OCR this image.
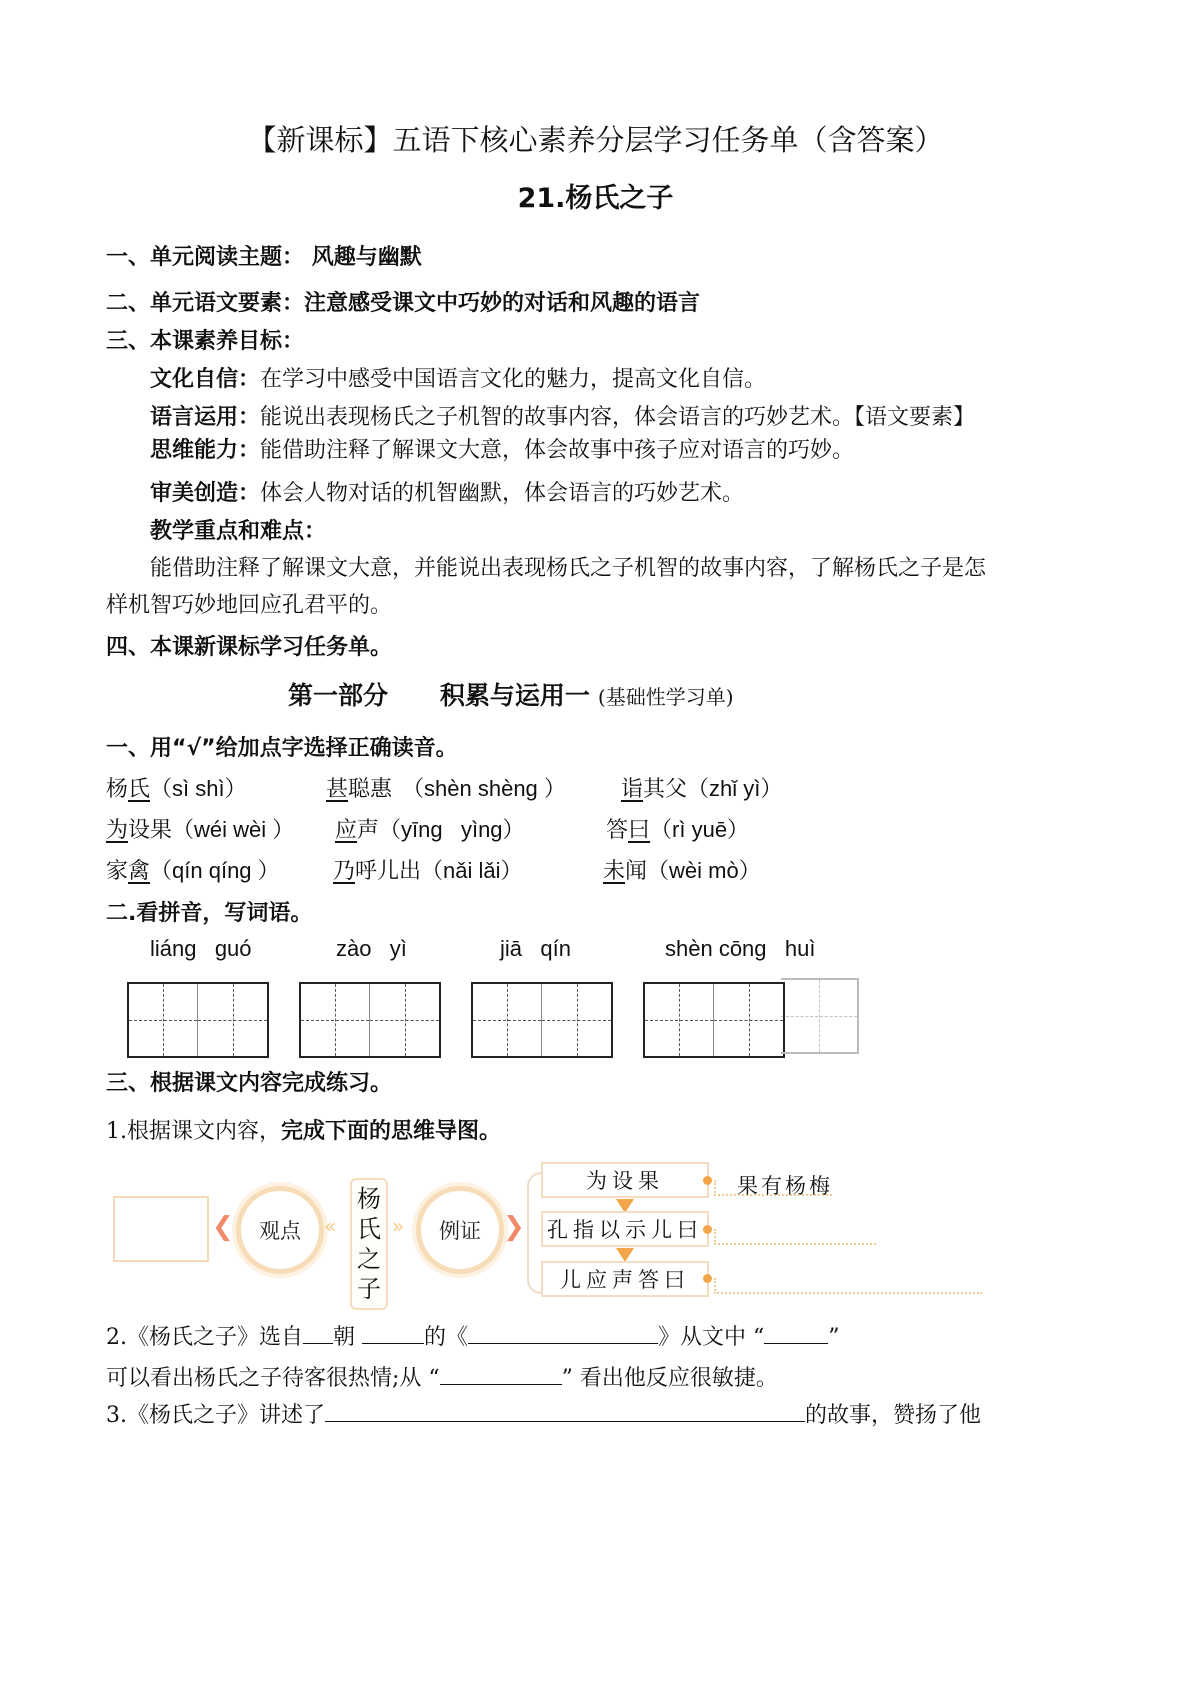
【新课标】五语下核心素养分层学习任务单（含答案）
21.杨氏之子
一、单元阅读主题： 风趣与幽默
二、单元语文要素：注意感受课文中巧妙的对话和风趣的语言
三、本课素养目标：
文化自信：在学习中感受中国语言文化的魅力，提高文化自信。
语言运用：能说出表现杨氏之子机智的故事内容，体会语言的巧妙艺术。【语文要素】
思维能力：能借助注释了解课文大意，体会故事中孩子应对语言的巧妙。
审美创造：体会人物对话的机智幽默，体会语言的巧妙艺术。
教学重点和难点：
能借助注释了解课文大意，并能说出表现杨氏之子机智的故事内容，了解杨氏之子是怎
样机智巧妙地回应孔君平的。
四、本课新课标学习任务单。
第一部分 积累与运用一 (基础性学习单)
一、用“√”给加点字选择正确读音。
杨氏（sì shì）	甚聪惠 （shèn shèng ）	诣其父（zhǐ yì）
为设果（wéi wèi ） 应声（yīng   yìng）	答曰（rì yuē）
家禽（qín qíng ） 乃呼儿出（nǎi lǎi）	未闻（wèi mò）
二.看拼音，写词语。
liáng   guó	zào   yì	jiā   qín	shèn cōng   huì
三、根据课文内容完成练习。
1.根据课文内容，完成下面的思维导图。
❮	观点	«
杨
氏
之
子
»	例证 ❯
为设果
孔指以示儿曰
儿应声答曰
果有杨梅
2.《杨氏之子》选自 朝	的《	》从文中 “	”
可以看出杨氏之子待客很热情;从 “	” 看出他反应很敏捷。
3.《杨氏之子》讲述了	的故事，赞扬了他
